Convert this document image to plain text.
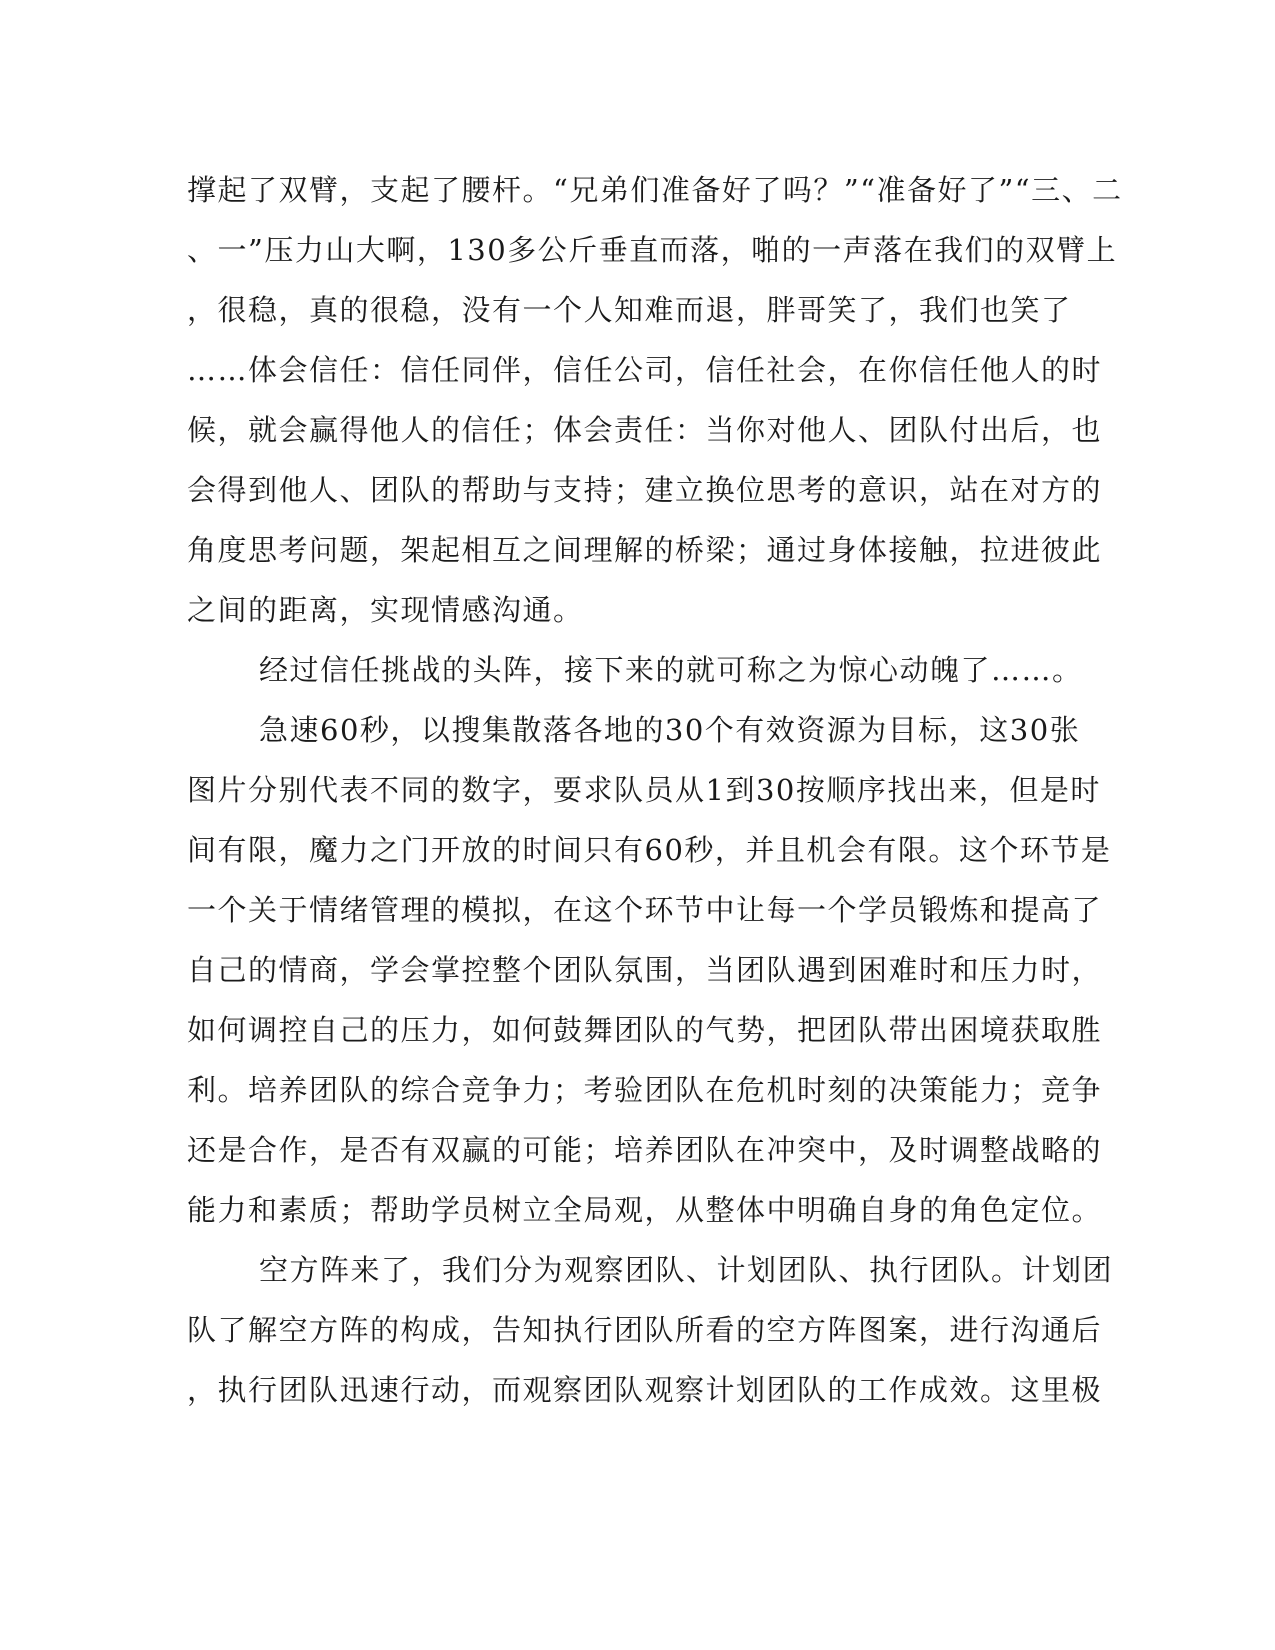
撑起了双臂，支起了腰杆。“兄弟们准备好了吗？”“准备好了”“三、二
、一”压力山大啊，130多公斤垂直而落，啪的一声落在我们的双臂上
，很稳，真的很稳，没有一个人知难而退，胖哥笑了，我们也笑了
……体会信任：信任同伴，信任公司，信任社会，在你信任他人的时
候，就会赢得他人的信任；体会责任：当你对他人、团队付出后，也
会得到他人、团队的帮助与支持；建立换位思考的意识，站在对方的
角度思考问题，架起相互之间理解的桥梁；通过身体接触，拉进彼此
之间的距离，实现情感沟通。
经过信任挑战的头阵，接下来的就可称之为惊心动魄了……。
急速60秒，以搜集散落各地的30个有效资源为目标，这30张
图片分别代表不同的数字，要求队员从1到30按顺序找出来，但是时
间有限，魔力之门开放的时间只有60秒，并且机会有限。这个环节是
一个关于情绪管理的模拟，在这个环节中让每一个学员锻炼和提高了
自己的情商，学会掌控整个团队氛围，当团队遇到困难时和压力时，
如何调控自己的压力，如何鼓舞团队的气势，把团队带出困境获取胜
利。培养团队的综合竞争力；考验团队在危机时刻的决策能力；竞争
还是合作，是否有双赢的可能；培养团队在冲突中，及时调整战略的
能力和素质；帮助学员树立全局观，从整体中明确自身的角色定位。
空方阵来了，我们分为观察团队、计划团队、执行团队。计划团
队了解空方阵的构成，告知执行团队所看的空方阵图案，进行沟通后
，执行团队迅速行动，而观察团队观察计划团队的工作成效。这里极
